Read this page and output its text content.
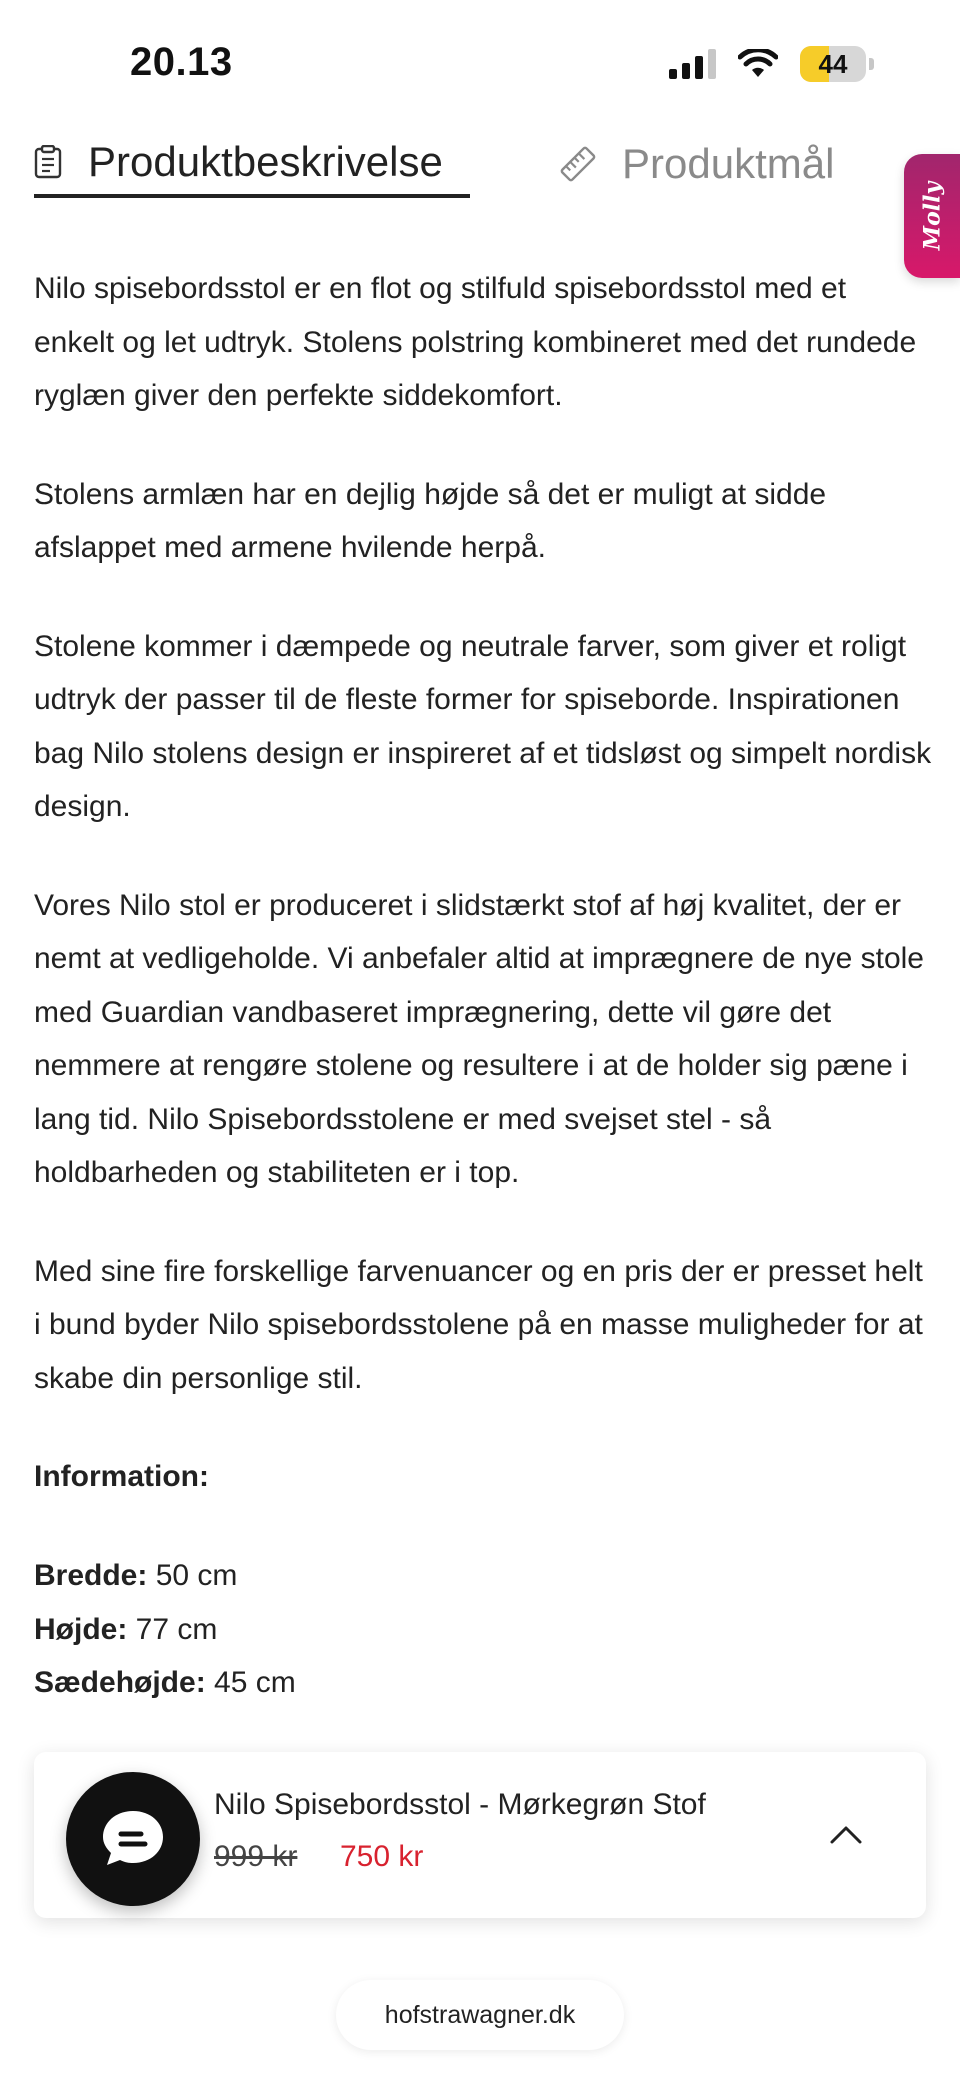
20.13	44
Produktbeskrivelse	Produktmål
Molly

Nilo spisebordsstol er en flot og stilfuld spisebordsstol med et enkelt og let udtryk. Stolens polstring kombineret med det rundede ryglæn giver den perfekte siddekomfort.

Stolens armlæn har en dejlig højde så det er muligt at sidde afslappet med armene hvilende herpå.

Stolene kommer i dæmpede og neutrale farver, som giver et roligt udtryk der passer til de fleste former for spiseborde. Inspirationen bag Nilo stolens design er inspireret af et tidsløst og simpelt nordisk design.

Vores Nilo stol er produceret i slidstærkt stof af høj kvalitet, der er nemt at vedligeholde. Vi anbefaler altid at imprægnere de nye stole med Guardian vandbaseret imprægnering, dette vil gøre det nemmere at rengøre stolene og resultere i at de holder sig pæne i lang tid. Nilo Spisebordsstolene er med svejset stel - så holdbarheden og stabiliteten er i top.

Med sine fire forskellige farvenuancer og en pris der er presset helt i bund byder Nilo spisebordsstolene på en masse muligheder for at skabe din personlige stil.

Information:

Bredde: 50 cm
Højde: 77 cm
Sædehøjde: 45 cm
Nilo Spisebordsstol - Mørkegrøn Stof
999 kr 750 kr
hofstrawagner.dk
